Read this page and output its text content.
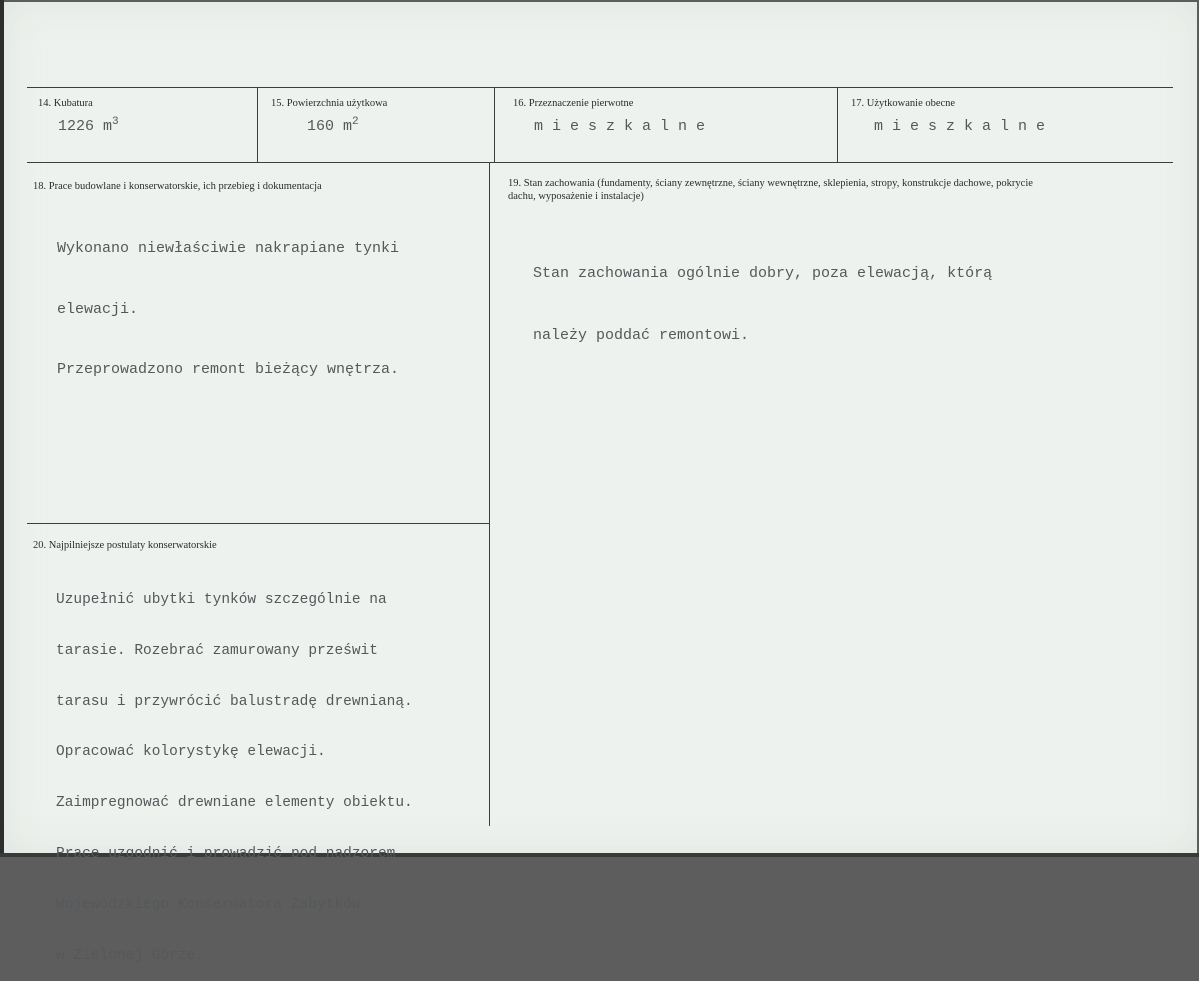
14. Kubatura
1226 $m^3$
15. Powierzchnia użytkowa
160 $m^2$
16. Przeznaczenie pierwotne
mieszkalne
17. Użytkowanie obecne
mieszkalne
18. Prace budowlane i konserwatorskie, ich przebieg i dokumentacja

Wykonano niewłaściwie nakrapiane tynki

elewacji.

Przeprowadzono remont bieżący wnętrza.

19. Stan zachowania (fundamenty, ściany zewnętrzne, ściany wewnętrzne, sklepienia, stropy, konstrukcje dachowe, pokrycie dachu, wyposażenie i instalacje)

Stan zachowania ogólnie dobry, poza elewacją, którą

należy poddać remontowi.

20. Najpilniejsze postulaty konserwatorskie

Uzupełnić ubytki tynków szczególnie na

tarasie. Rozebrać zamurowany prześwit

tarasu i przywrócić balustradę drewnianą.

Opracować kolorystykę elewacji.

Zaimpregnować drewniane elementy obiektu.

Prace uzgodnić i prowadzić pod nadzorem

Wojewódzkiego Konserwatora Zabytków

w Zielonej Górze.
